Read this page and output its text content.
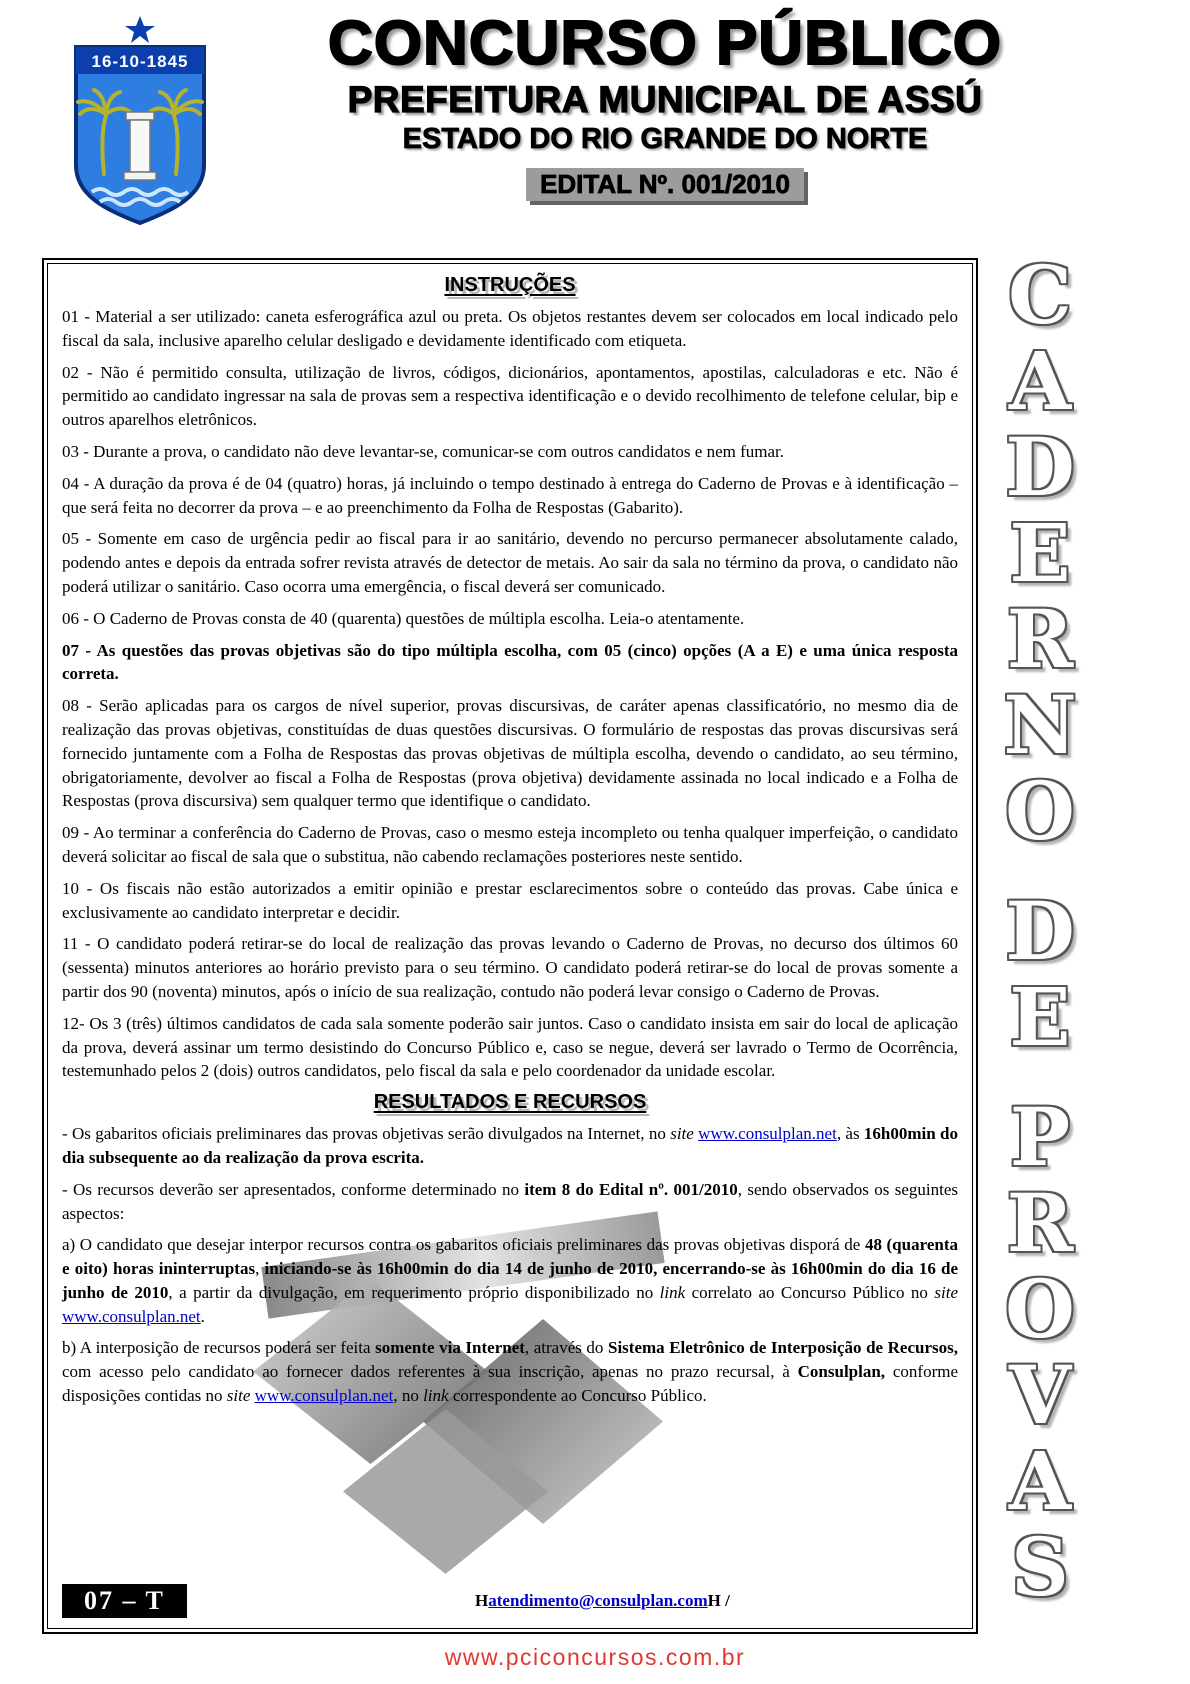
16-10-1845	CONCURSO PÚBLICO
PREFEITURA MUNICIPAL DE ASSÚ
ESTADO DO RIO GRANDE DO NORTE
EDITAL Nº. 001/2010
INSTRUÇÕES
01 - Material a ser utilizado: caneta esferográfica azul ou preta. Os objetos restantes devem ser colocados em local indicado pelo fiscal da sala, inclusive aparelho celular desligado e devidamente identificado com etiqueta.
02 - Não é permitido consulta, utilização de livros, códigos, dicionários, apontamentos, apostilas, calculadoras e etc. Não é permitido ao candidato ingressar na sala de provas sem a respectiva identificação e o devido recolhimento de telefone celular, bip e outros aparelhos eletrônicos.
03 - Durante a prova, o candidato não deve levantar-se, comunicar-se com outros candidatos e nem fumar.
04 - A duração da prova é de 04 (quatro) horas, já incluindo o tempo destinado à entrega do Caderno de Provas e à identificação – que será feita no decorrer da prova – e ao preenchimento da Folha de Respostas (Gabarito).
05 - Somente em caso de urgência pedir ao fiscal para ir ao sanitário, devendo no percurso permanecer absolutamente calado, podendo antes e depois da entrada sofrer revista através de detector de metais. Ao sair da sala no término da prova, o candidato não poderá utilizar o sanitário. Caso ocorra uma emergência, o fiscal deverá ser comunicado.
06 - O Caderno de Provas consta de 40 (quarenta) questões de múltipla escolha. Leia-o atentamente.
07 - As questões das provas objetivas são do tipo múltipla escolha, com 05 (cinco) opções (A a E) e uma única resposta correta.
08 - Serão aplicadas para os cargos de nível superior, provas discursivas, de caráter apenas classificatório, no mesmo dia de realização das provas objetivas, constituídas de duas questões discursivas. O formulário de respostas das provas discursivas será fornecido juntamente com a Folha de Respostas das provas objetivas de múltipla escolha, devendo o candidato, ao seu término, obrigatoriamente, devolver ao fiscal a Folha de Respostas (prova objetiva) devidamente assinada no local indicado e a Folha de Respostas (prova discursiva) sem qualquer termo que identifique o candidato.
09 - Ao terminar a conferência do Caderno de Provas, caso o mesmo esteja incompleto ou tenha qualquer imperfeição, o candidato deverá solicitar ao fiscal de sala que o substitua, não cabendo reclamações posteriores neste sentido.
10 - Os fiscais não estão autorizados a emitir opinião e prestar esclarecimentos sobre o conteúdo das provas. Cabe única e exclusivamente ao candidato interpretar e decidir.
11 - O candidato poderá retirar-se do local de realização das provas levando o Caderno de Provas, no decurso dos últimos 60 (sessenta) minutos anteriores ao horário previsto para o seu término. O candidato poderá retirar-se do local de provas somente a partir dos 90 (noventa) minutos, após o início de sua realização, contudo não poderá levar consigo o Caderno de Provas.
12- Os 3 (três) últimos candidatos de cada sala somente poderão sair juntos. Caso o candidato insista em sair do local de aplicação da prova, deverá assinar um termo desistindo do Concurso Público e, caso se negue, deverá ser lavrado o Termo de Ocorrência, testemunhado pelos 2 (dois) outros candidatos, pelo fiscal da sala e pelo coordenador da unidade escolar.
RESULTADOS E RECURSOS
- Os gabaritos oficiais preliminares das provas objetivas serão divulgados na Internet, no site www.consulplan.net, às 16h00min do dia subsequente ao da realização da prova escrita.
- Os recursos deverão ser apresentados, conforme determinado no item 8 do Edital nº. 001/2010, sendo observados os seguintes aspectos:
a) O candidato que desejar interpor recursos contra os gabaritos oficiais preliminares das provas objetivas disporá de 48 (quarenta e oito) horas ininterruptas, iniciando-se às 16h00min do dia 14 de junho de 2010, encerrando-se às 16h00min do dia 16 de junho de 2010, a partir da divulgação, em requerimento próprio disponibilizado no link correlato ao Concurso Público no site www.consulplan.net.
b) A interposição de recursos poderá ser feita somente via Internet, através do Sistema Eletrônico de Interposição de Recursos, com acesso pelo candidato ao fornecer dados referentes à sua inscrição, apenas no prazo recursal, à Consulplan, conforme disposições contidas no site www.consulplan.net, no link correspondente ao Concurso Público.
07 – T	Hatendimento@consulplan.comH /
C
A
D
E
R
N
O
D
E
P
R
O
V
A
S
www.pciconcursos.com.br
